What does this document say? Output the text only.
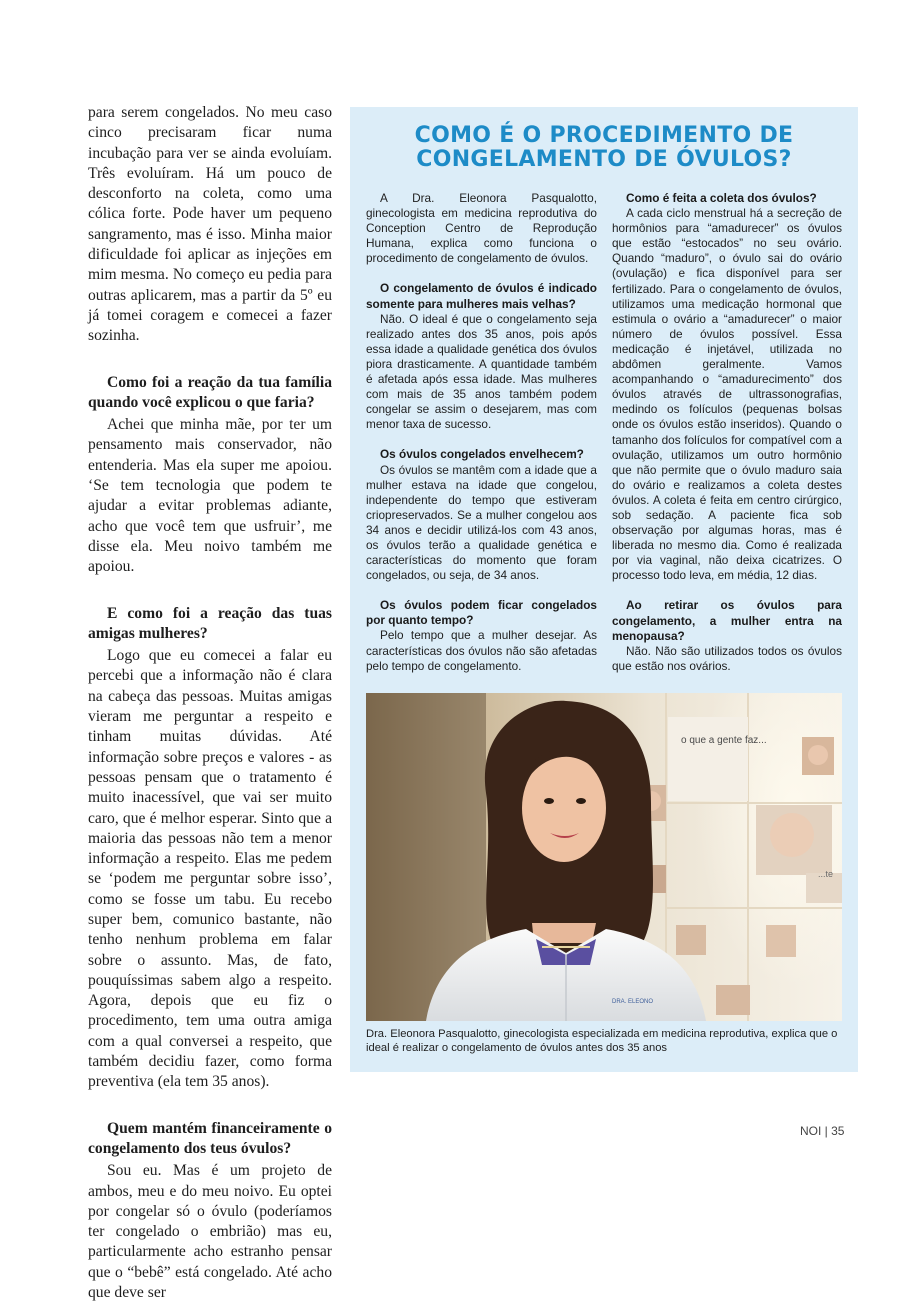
para serem congelados. No meu caso cinco precisaram ficar numa incubação para ver se ainda evoluíam. Três evoluíram. Há um pouco de desconforto na coleta, como uma cólica forte. Pode haver um pequeno sangramento, mas é isso. Minha maior dificuldade foi aplicar as injeções em mim mesma. No começo eu pedia para outras aplicarem, mas a partir da 5º eu já tomei coragem e comecei a fazer sozinha.

Como foi a reação da tua família quando você explicou o que faria?

Achei que minha mãe, por ter um pensamento mais conservador, não entenderia. Mas ela super me apoiou. ‘Se tem tecnologia que podem te ajudar a evitar problemas adiante, acho que você tem que usfruir’, me disse ela. Meu noivo também me apoiou.

E como foi a reação das tuas amigas mulheres?

Logo que eu comecei a falar eu percebi que a informação não é clara na cabeça das pessoas. Muitas amigas vieram me perguntar a respeito e tinham muitas dúvidas. Até informação sobre preços e valores - as pessoas pensam que o tratamento é muito inacessível, que vai ser muito caro, que é melhor esperar. Sinto que a maioria das pessoas não tem a menor informação a respeito. Elas me pedem se ‘podem me perguntar sobre isso’, como se fosse um tabu. Eu recebo super bem, comunico bastante, não tenho nenhum problema em falar sobre o assunto. Mas, de fato, pouquíssimas sabem algo a respeito. Agora, depois que eu fiz o procedimento, tem uma outra amiga com a qual conversei a respeito, que também decidiu fazer, como forma preventiva (ela tem 35 anos).

Quem mantém financeiramente o congelamento dos teus óvulos?

Sou eu. Mas é um projeto de ambos, meu e do meu noivo. Eu optei por congelar só o óvulo (poderíamos ter congelado o embrião) mas eu, particularmente acho estranho pensar que o “bebê” está congelado. Até acho que deve ser

COMO É O PROCEDIMENTO DE
CONGELAMENTO DE ÓVULOS?

A Dra. Eleonora Pasqualotto, ginecologista em medicina reprodutiva do Conception Centro de Reprodução Humana, explica como funciona o procedimento de congelamento de óvulos.

O congelamento de óvulos é indicado somente para mulheres mais velhas?

Não. O ideal é que o congelamento seja realizado antes dos 35 anos, pois após essa idade a qualidade genética dos óvulos piora drasticamente. A quantidade também é afetada após essa idade. Mas mulheres com mais de 35 anos também podem congelar se assim o desejarem, mas com menor taxa de sucesso.

Os óvulos congelados envelhecem?

Os óvulos se mantêm com a idade que a mulher estava na idade que congelou, independente do tempo que estiveram criopreservados. Se a mulher congelou aos 34 anos e decidir utilizá-los com 43 anos, os óvulos terão a qualidade genética e características do momento que foram congelados, ou seja, de 34 anos.

Os óvulos podem ficar congelados por quanto tempo?

Pelo tempo que a mulher desejar. As características dos óvulos não são afetadas pelo tempo de congelamento.

Como é feita a coleta dos óvulos?

A cada ciclo menstrual há a secreção de hormônios para “amadurecer” os óvulos que estão “estocados” no seu ovário. Quando “maduro”, o óvulo sai do ovário (ovulação) e fica disponível para ser fertilizado. Para o congelamento de óvulos, utilizamos uma medicação hormonal que estimula o ovário a “amadurecer” o maior número de óvulos possível. Essa medicação é injetável, utilizada no abdômen geralmente. Vamos acompanhando o “amadurecimento” dos óvulos através de ultrassonografias, medindo os folículos (pequenas bolsas onde os óvulos estão inseridos). Quando o tamanho dos folículos for compatível com a ovulação, utilizamos um outro hormônio que não permite que o óvulo maduro saia do ovário e realizamos a coleta destes óvulos. A coleta é feita em centro cirúrgico, sob sedação. A paciente fica sob observação por algumas horas, mas é liberada no mesmo dia. Como é realizada por via vaginal, não deixa cicatrizes. O processo todo leva, em média, 12 dias.

Ao retirar os óvulos para congelamento, a mulher entra na menopausa?

Não. Não são utilizados todos os óvulos que estão nos ovários.

o que a gente faz...
...te
DRA. ELEONO

Dra. Eleonora Pasqualotto, ginecologista especializada em medicina reprodutiva, explica que o ideal é realizar o congelamento de óvulos antes dos 35 anos

NOI | 35
